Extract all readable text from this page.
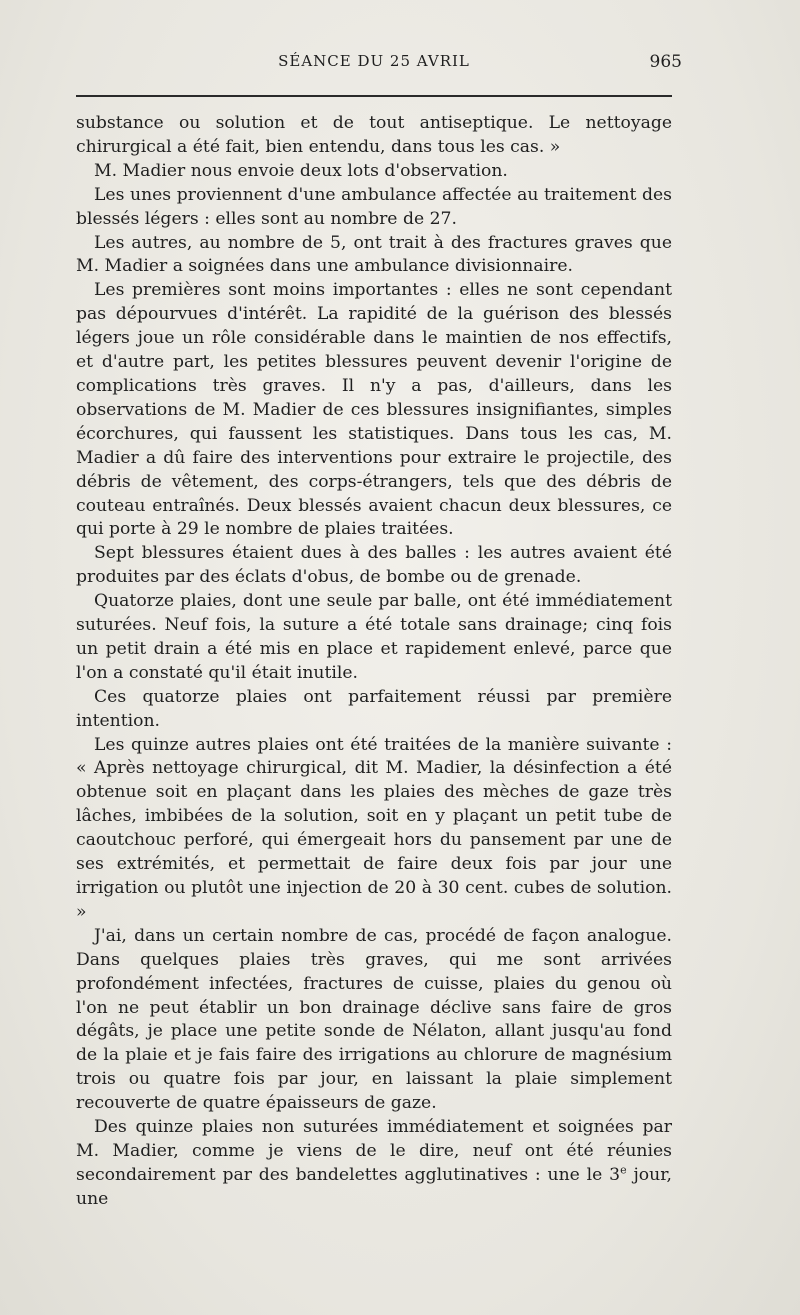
SÉANCE DU 25 AVRIL	965

substance ou solution et de tout antiseptique. Le nettoyage chirurgical a été fait, bien entendu, dans tous les cas. »

M. Madier nous envoie deux lots d'observation.

Les unes proviennent d'une ambulance affectée au traitement des blessés légers : elles sont au nombre de 27.

Les autres, au nombre de 5, ont trait à des fractures graves que M. Madier a soignées dans une ambulance divisionnaire.

Les premières sont moins importantes : elles ne sont cependant pas dépourvues d'intérêt. La rapidité de la guérison des blessés légers joue un rôle considérable dans le maintien de nos effectifs, et d'autre part, les petites blessures peuvent devenir l'origine de complications très graves. Il n'y a pas, d'ailleurs, dans les observations de M. Madier de ces blessures insignifiantes, simples écorchures, qui faussent les statistiques. Dans tous les cas, M. Madier a dû faire des interventions pour extraire le projectile, des débris de vêtement, des corps-étrangers, tels que des débris de couteau entraînés. Deux blessés avaient chacun deux blessures, ce qui porte à 29 le nombre de plaies traitées.

Sept blessures étaient dues à des balles : les autres avaient été produites par des éclats d'obus, de bombe ou de grenade.

Quatorze plaies, dont une seule par balle, ont été immédiatement suturées. Neuf fois, la suture a été totale sans drainage; cinq fois un petit drain a été mis en place et rapidement enlevé, parce que l'on a constaté qu'il était inutile.

Ces quatorze plaies ont parfaitement réussi par première intention.

Les quinze autres plaies ont été traitées de la manière suivante : « Après nettoyage chirurgical, dit M. Madier, la désinfection a été obtenue soit en plaçant dans les plaies des mèches de gaze très lâches, imbibées de la solution, soit en y plaçant un petit tube de caoutchouc perforé, qui émergeait hors du pansement par une de ses extrémités, et permettait de faire deux fois par jour une irrigation ou plutôt une injection de 20 à 30 cent. cubes de solution. »

J'ai, dans un certain nombre de cas, procédé de façon analogue. Dans quelques plaies très graves, qui me sont arrivées profondément infectées, fractures de cuisse, plaies du genou où l'on ne peut établir un bon drainage déclive sans faire de gros dégâts, je place une petite sonde de Nélaton, allant jusqu'au fond de la plaie et je fais faire des irrigations au chlorure de magnésium trois ou quatre fois par jour, en laissant la plaie simplement recouverte de quatre épaisseurs de gaze.

Des quinze plaies non suturées immédiatement et soignées par M. Madier, comme je viens de le dire, neuf ont été réunies secondairement par des bandelettes agglutinatives : une le 3e jour, une
